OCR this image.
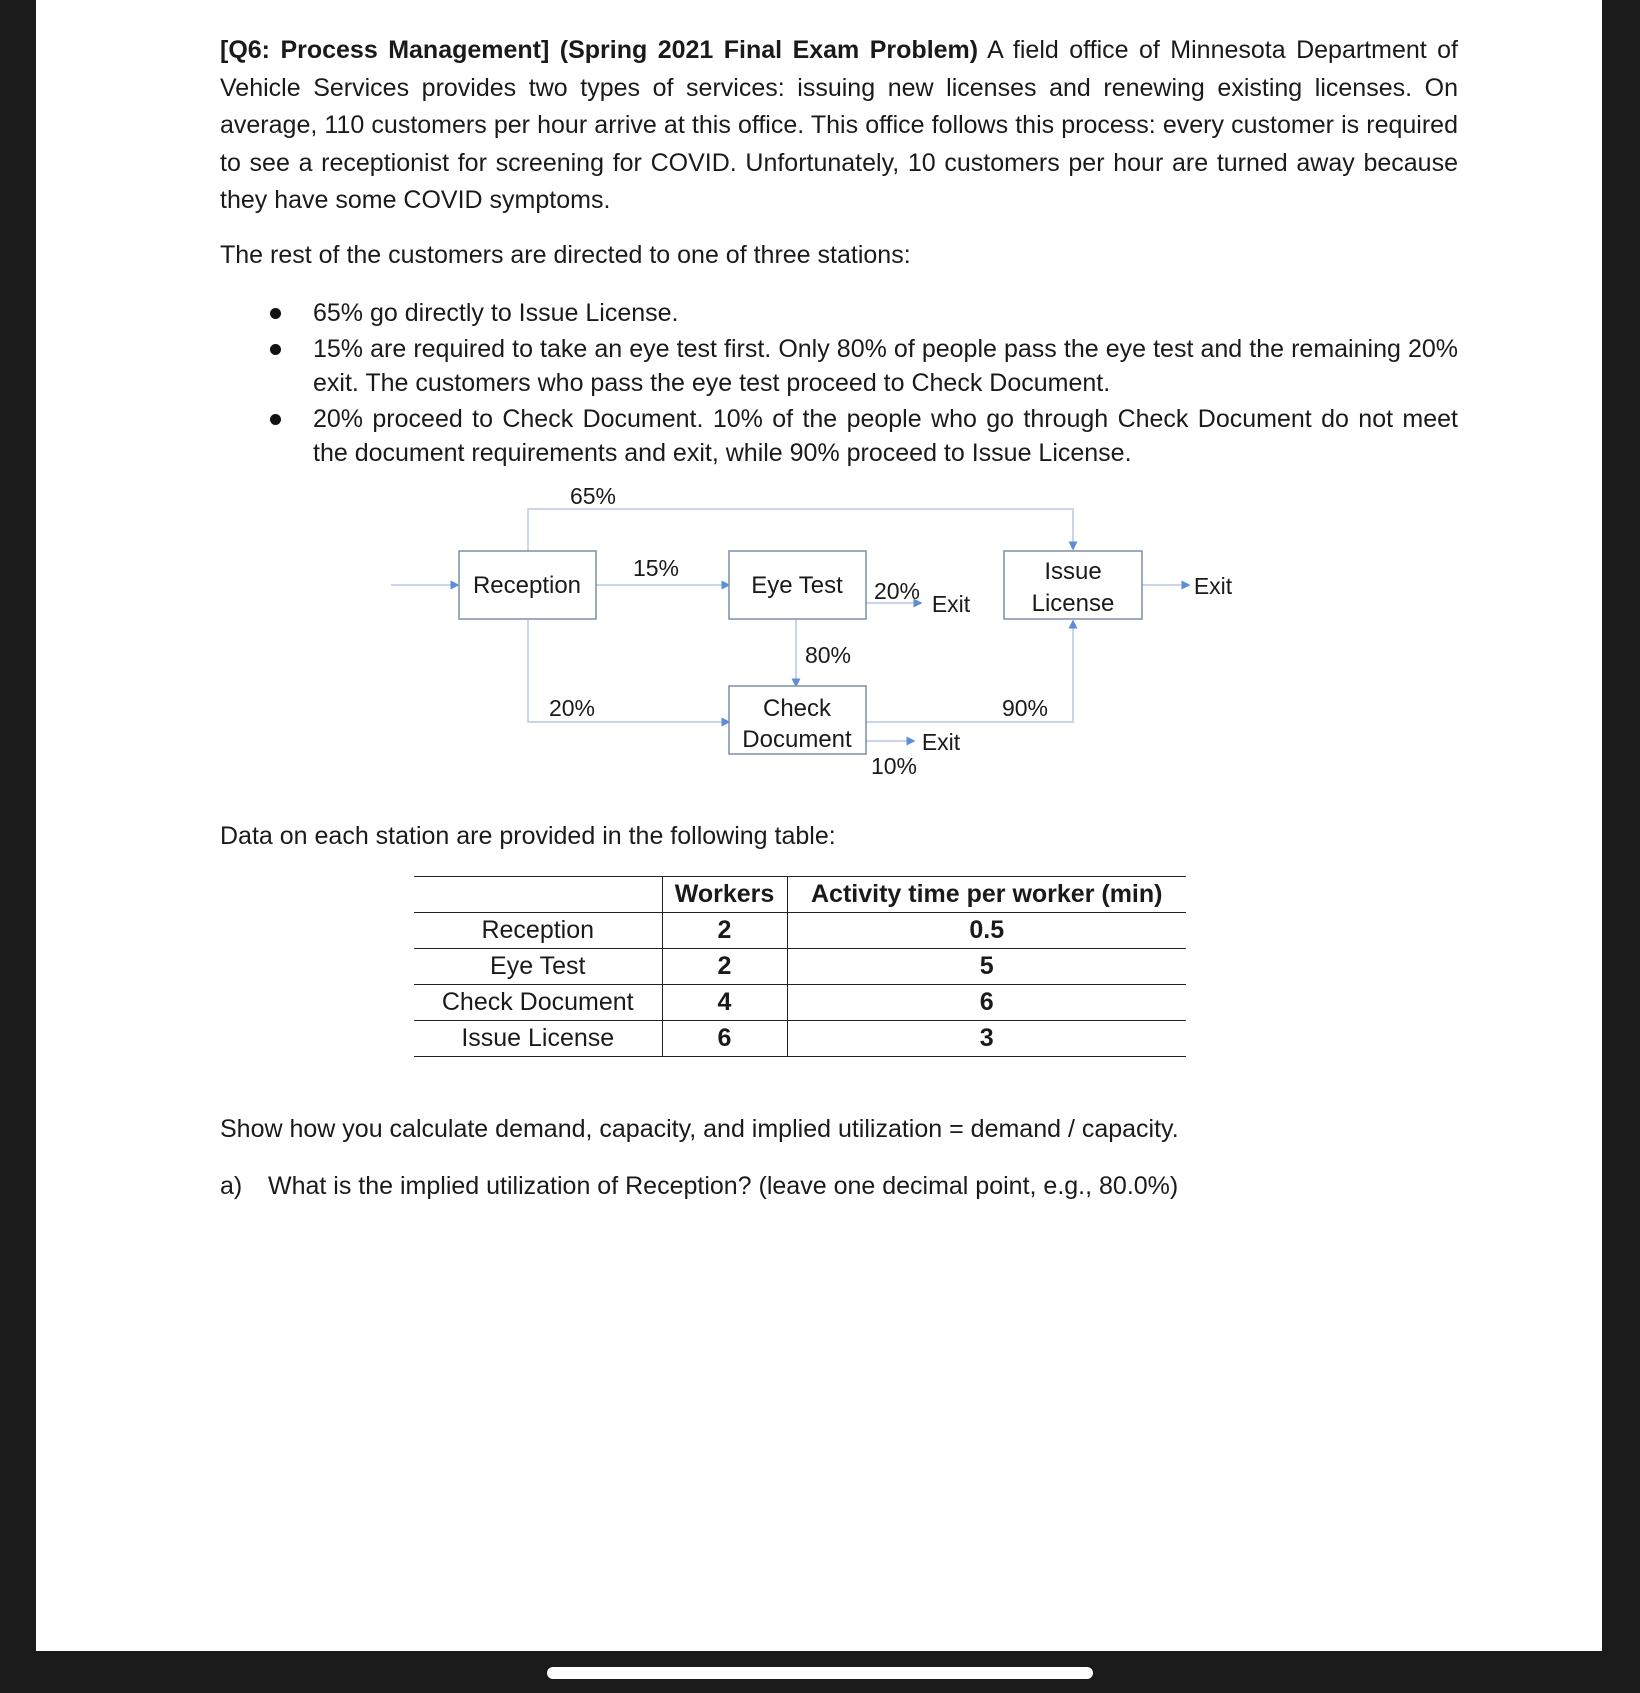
[Q6: Process Management] (Spring 2021 Final Exam Problem) A field office of Minnesota Department of Vehicle Services provides two types of services: issuing new licenses and renewing existing licenses. On average, 110 customers per hour arrive at this office. This office follows this process: every customer is required to see a receptionist for screening for COVID. Unfortunately, 10 customers per hour are turned away because they have some COVID symptoms.

The rest of the customers are directed to one of three stations:

65% go directly to Issue License.
15% are required to take an eye test first. Only 80% of people pass the eye test and the remaining 20% exit. The customers who pass the eye test proceed to Check Document.
20% proceed to Check Document. 10% of the people who go through Check Document do not meet the document requirements and exit, while 90% proceed to Issue License.
Reception	Eye Test
Check
Document
Issue
License
65%
15%
20%
80%
20%	90%
10%
Exit
Exit
Exit

Data on each station are provided in the following table:

	Workers	Activity time per worker (min)
Reception	2	0.5
Eye Test	2	5
Check Document	4	6
Issue License	6	3

Show how you calculate demand, capacity, and implied utilization = demand / capacity.

a) What is the implied utilization of Reception? (leave one decimal point, e.g., 80.0%)
